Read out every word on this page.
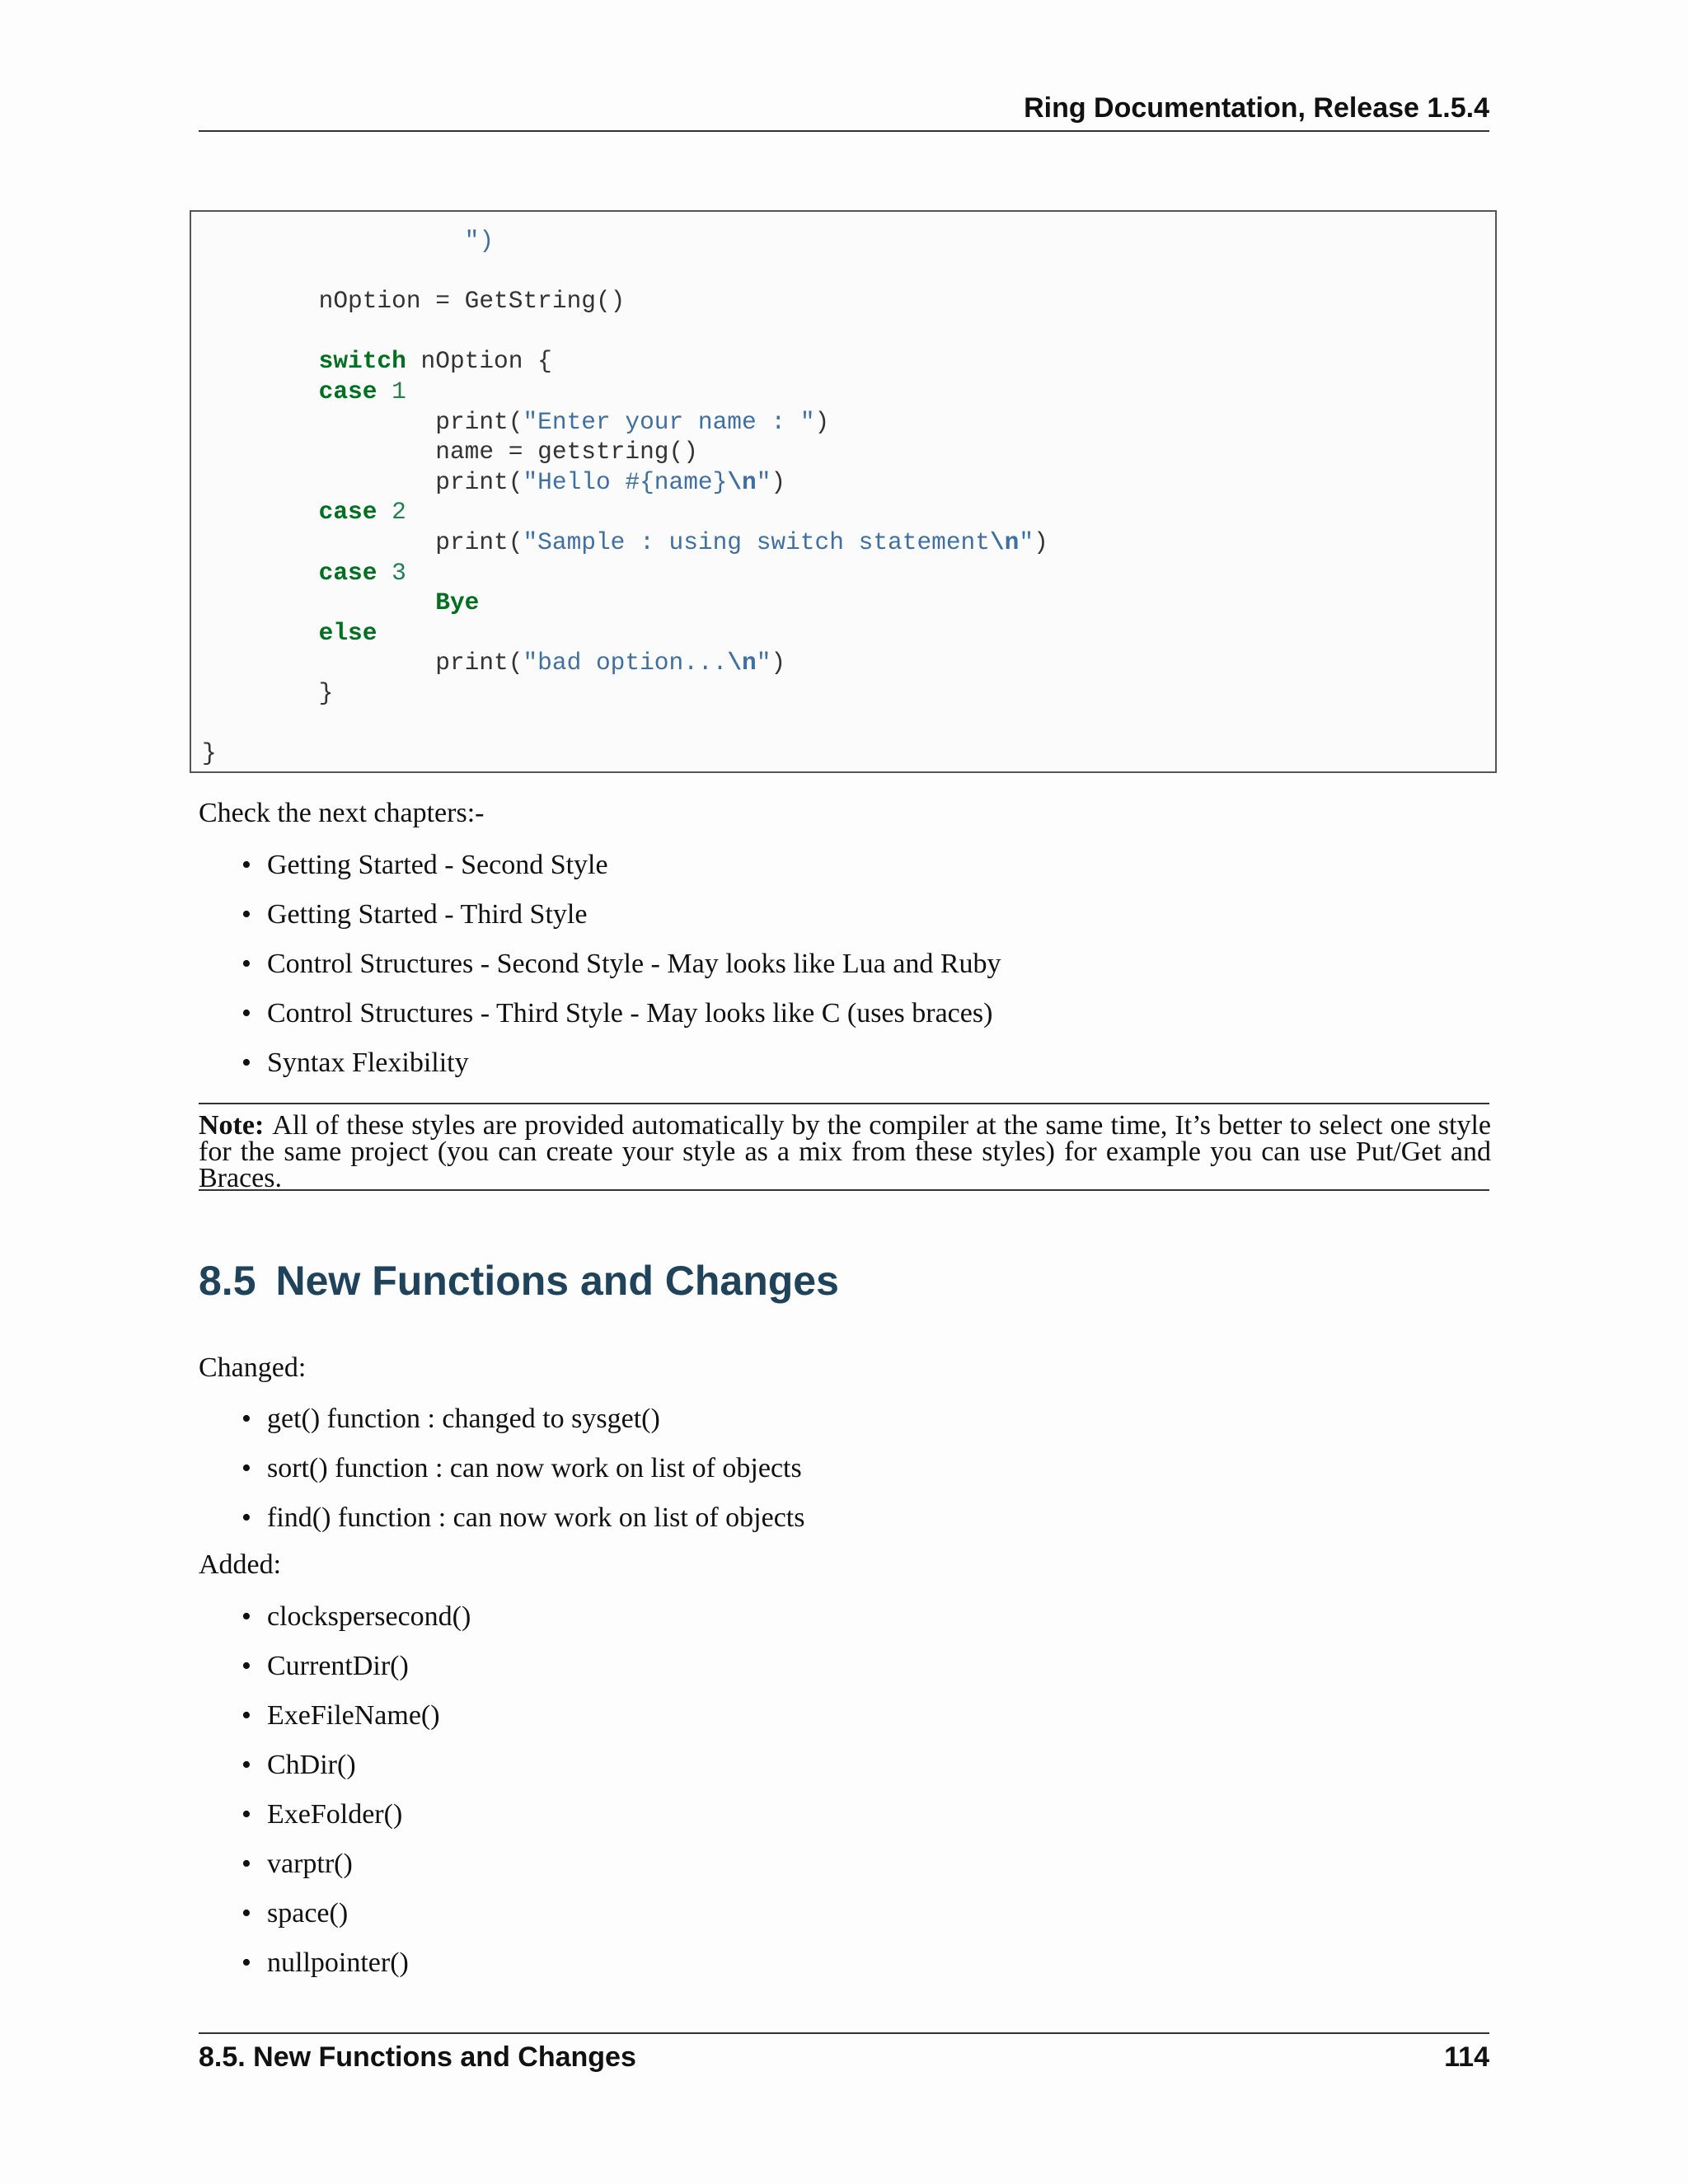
Ring Documentation, Release 1.5.4
")

nOption = GetString()

switch nOption {
case 1
print("Enter your name : ")
name = getstring()
print("Hello #{name}\n")
case 2
print("Sample : using switch statement\n")
case 3
Bye
else
print("bad option...\n")
}

}
Check the next chapters:-
• Getting Started - Second Style
• Getting Started - Third Style
• Control Structures - Second Style - May looks like Lua and Ruby
• Control Structures - Third Style - May looks like C (uses braces)
• Syntax Flexibility
Note: All of these styles are provided automatically by the compiler at the same time, It’s better to select one style for the same project (you can create your style as a mix from these styles) for example you can use Put/Get and Braces.
8.5 New Functions and Changes
Changed:
• get() function : changed to sysget()
• sort() function : can now work on list of objects
• find() function : can now work on list of objects
Added:
• clockspersecond()
• CurrentDir()
• ExeFileName()
• ChDir()
• ExeFolder()
• varptr()
• space()
• nullpointer()
8.5. New Functions and Changes	114
